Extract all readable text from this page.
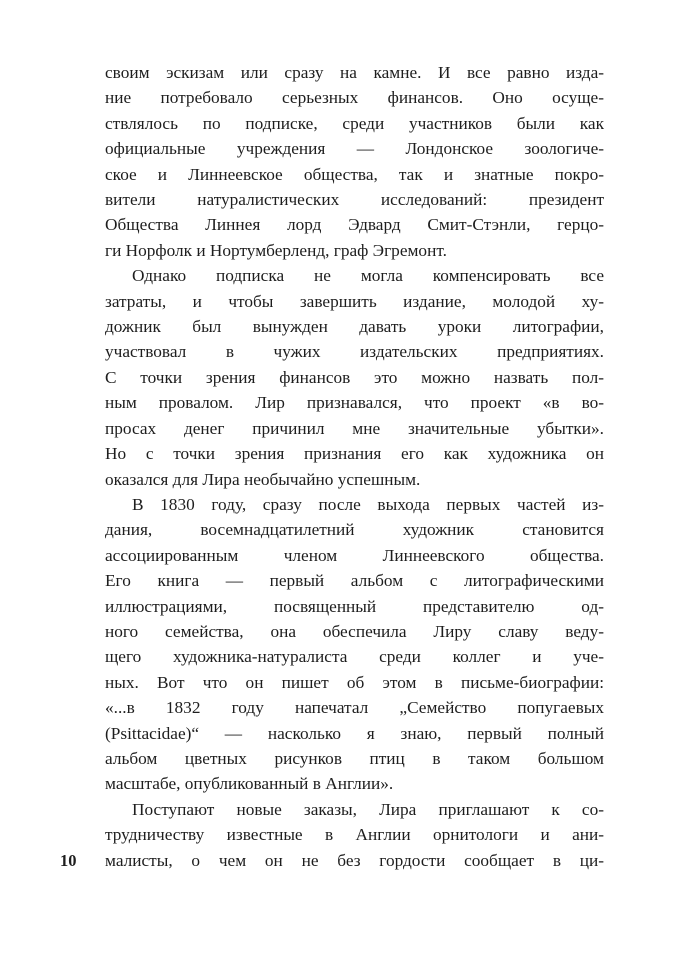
своим эскизам или сразу на камне. И все равно изда-
ние потребовало серьезных финансов. Оно осуще-
ствлялось по подписке, среди участников были как
официальные учреждения — Лондонское зоологиче-
ское и Линнеевское общества, так и знатные покро-
вители натуралистических исследований: президент
Общества Линнея лорд Эдвард Смит-Стэнли, герцо-
ги Норфолк и Нортумберленд, граф Эгремонт.
Однако подписка не могла компенсировать все
затраты, и чтобы завершить издание, молодой ху-
дожник был вынужден давать уроки литографии,
участвовал в чужих издательских предприятиях.
С точки зрения финансов это можно назвать пол-
ным провалом. Лир признавался, что проект «в во-
просах денег причинил мне значительные убытки».
Но с точки зрения признания его как художника он
оказался для Лира необычайно успешным.
В 1830 году, сразу после выхода первых частей из-
дания, восемнадцатилетний художник становится
ассоциированным членом Линнеевского общества.
Его книга — первый альбом с литографическими
иллюстрациями, посвященный представителю од-
ного семейства, она обеспечила Лиру славу веду-
щего художника-натуралиста среди коллег и уче-
ных. Вот что он пишет об этом в письме-биографии:
«...в 1832 году напечатал „Семейство попугаевых
(Psittacidae)“ — насколько я знаю, первый полный
альбом цветных рисунков птиц в таком большом
масштабе, опубликованный в Англии».
Поступают новые заказы, Лира приглашают к со-
трудничеству известные в Англии орнитологи и ани-
малисты, о чем он не без гордости сообщает в ци-
10
